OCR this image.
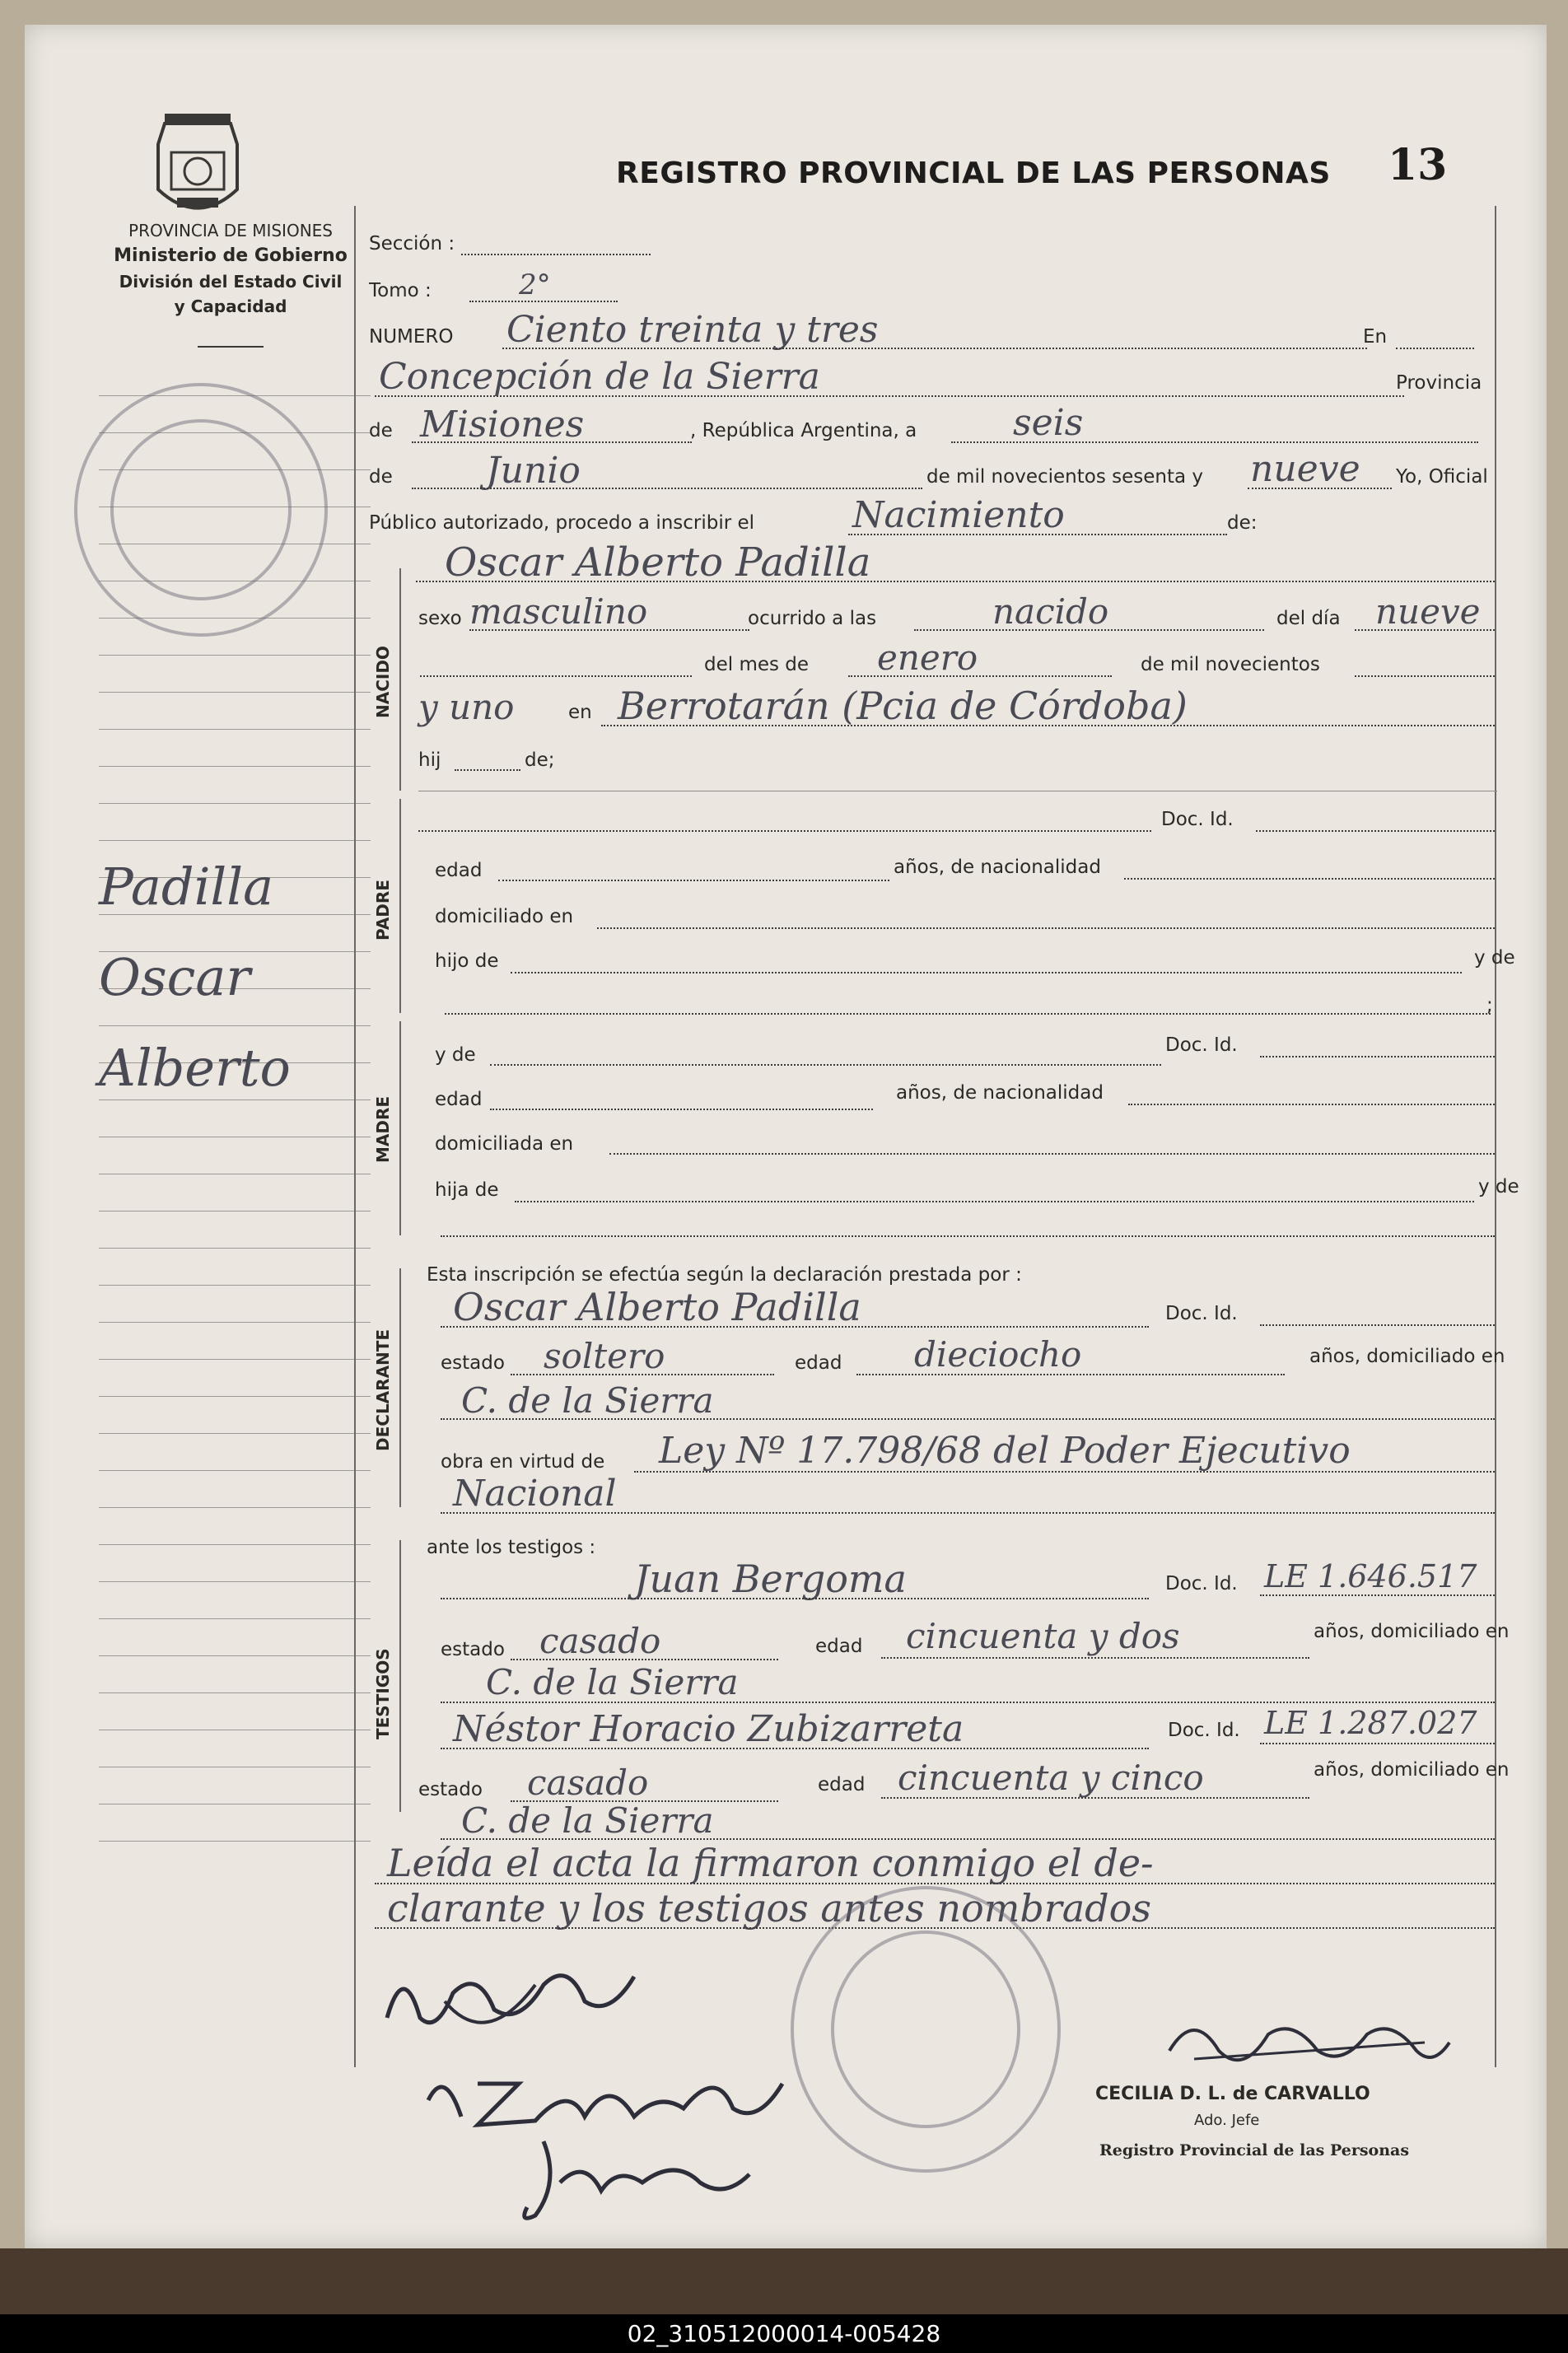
PROVINCIA DE MISIONES
Ministerio de Gobierno
División del Estado Civil
y Capacidad
REGISTRO PROVINCIAL DE LAS PERSONAS 13
Padilla
Oscar
Alberto
NACIDO
PADRE
MADRE
DECLARANTE
TESTIGOS
Sección :
Tomo :	2°
NUMERO Ciento treinta y tres	En
Concepción de la Sierra	Provincia
de Misiones	, República Argentina, a	seis
de	Junio	de mil novecientos sesenta y nueve Yo, Oficial
Público autorizado, procedo a inscribir el	Nacimiento	de:
Oscar Alberto Padilla
sexo masculino	ocurrido a las	nacido	del día nueve
del mes de enero	de mil novecientos
y uno	en Berrotarán (Pcia de Córdoba)
hij	de;
Doc. Id.
edad	años, de nacionalidad
domiciliado en
hijo de	y de
;
y de	Doc. Id.
edad	años, de nacionalidad
domiciliada en
hija de	y de
Esta inscripción se efectúa según la declaración prestada por :
Oscar Alberto Padilla	Doc. Id.
estado soltero	edad dieciocho	años, domiciliado en
C. de la Sierra
obra en virtud de Ley Nº 17.798/68 del Poder Ejecutivo
Nacional
ante los testigos :
Juan Bergoma	Doc. Id. LE 1.646.517
estado casado	edad cincuenta y dos	años, domiciliado en
C. de la Sierra
Néstor Horacio Zubizarreta	Doc. Id. LE 1.287.027
estado casado	edad cincuenta y cinco	años, domiciliado en
C. de la Sierra
Leída el acta la firmaron conmigo el de-
clarante y los testigos antes nombrados
CECILIA D. L. de CARVALLO
Ado. Jefe
Registro Provincial de las Personas
02_310512000014-005428
